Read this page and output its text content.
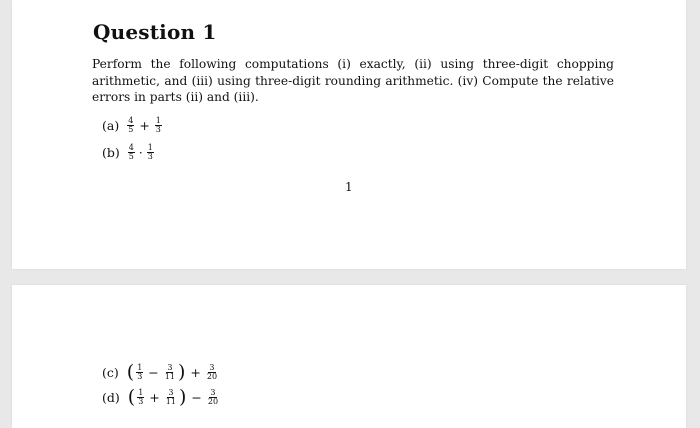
Question 1
Perform the following computations (i) exactly, (ii) using three-digit chopping arithmetic, and (iii) using three-digit rounding arithmetic. (iv) Compute the relative errors in parts (ii) and (iii).
$(a) \frac{4}{5} + \frac{1}{3}$
$(b) \frac{4}{5} \cdot \frac{1}{3}$
1
(c) ( $\frac{1}{3} - \frac{3}{11}$ ) + $\frac{3}{20}$
(d) ( $\frac{1}{3} + \frac{3}{11}$ ) − $\frac{3}{20}$
